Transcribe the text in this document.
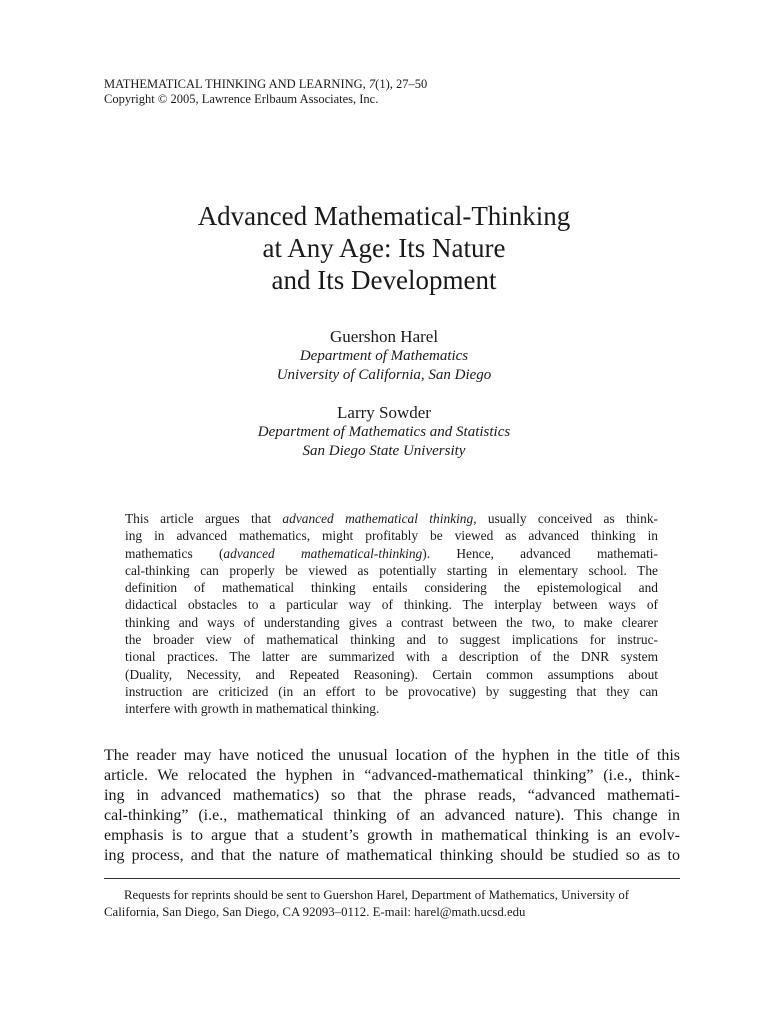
MATHEMATICAL THINKING AND LEARNING, 7(1), 27–50
Copyright © 2005, Lawrence Erlbaum Associates, Inc.
Advanced Mathematical-Thinking
at Any Age: Its Nature
and Its Development
Guershon Harel
Department of Mathematics
University of California, San Diego
Larry Sowder
Department of Mathematics and Statistics
San Diego State University
This article argues that advanced mathematical thinking, usually conceived as think-
ing in advanced mathematics, might profitably be viewed as advanced thinking in
mathematics (advanced mathematical-thinking). Hence, advanced mathemati-
cal-thinking can properly be viewed as potentially starting in elementary school. The
definition of mathematical thinking entails considering the epistemological and
didactical obstacles to a particular way of thinking. The interplay between ways of
thinking and ways of understanding gives a contrast between the two, to make clearer
the broader view of mathematical thinking and to suggest implications for instruc-
tional practices. The latter are summarized with a description of the DNR system
(Duality, Necessity, and Repeated Reasoning). Certain common assumptions about
instruction are criticized (in an effort to be provocative) by suggesting that they can
interfere with growth in mathematical thinking.
The reader may have noticed the unusual location of the hyphen in the title of this
article. We relocated the hyphen in “advanced-mathematical thinking” (i.e., think-
ing in advanced mathematics) so that the phrase reads, “advanced mathemati-
cal-thinking” (i.e., mathematical thinking of an advanced nature). This change in
emphasis is to argue that a student’s growth in mathematical thinking is an evolv-
ing process, and that the nature of mathematical thinking should be studied so as to
Requests for reprints should be sent to Guershon Harel, Department of Mathematics, University of
California, San Diego, San Diego, CA 92093–0112. E-mail: harel@math.ucsd.edu
